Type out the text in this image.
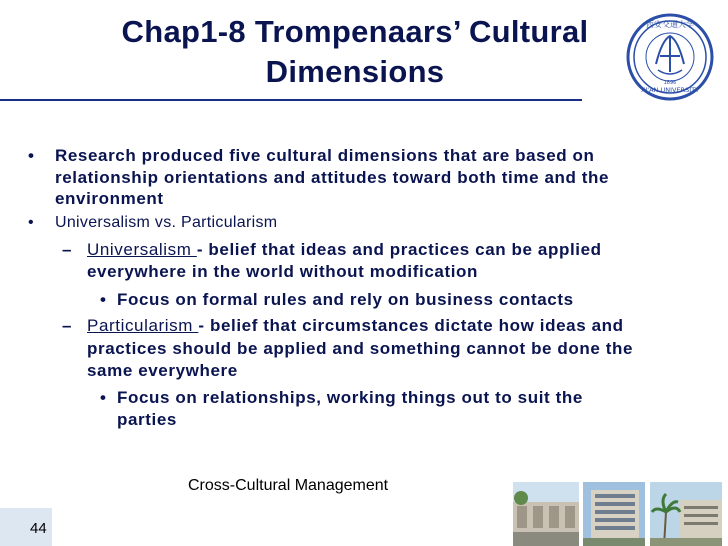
Chap1-8 Trompenaars’ Cultural
Dimensions
西安交通大学
XI'AN UNIVERSITY
1896
• Research produced five cultural dimensions that are based on
relationship orientations and attitudes toward both time and the
environment
• Universalism vs. Particularism
– Universalism - belief that ideas and practices can be applied
everywhere in the world without modification
• Focus on formal rules and rely on business contacts
– Particularism - belief that circumstances dictate how ideas and
practices should be applied and something cannot be done the
same everywhere
• Focus on relationships, working things out to suit the
parties
Cross-Cultural Management
44
